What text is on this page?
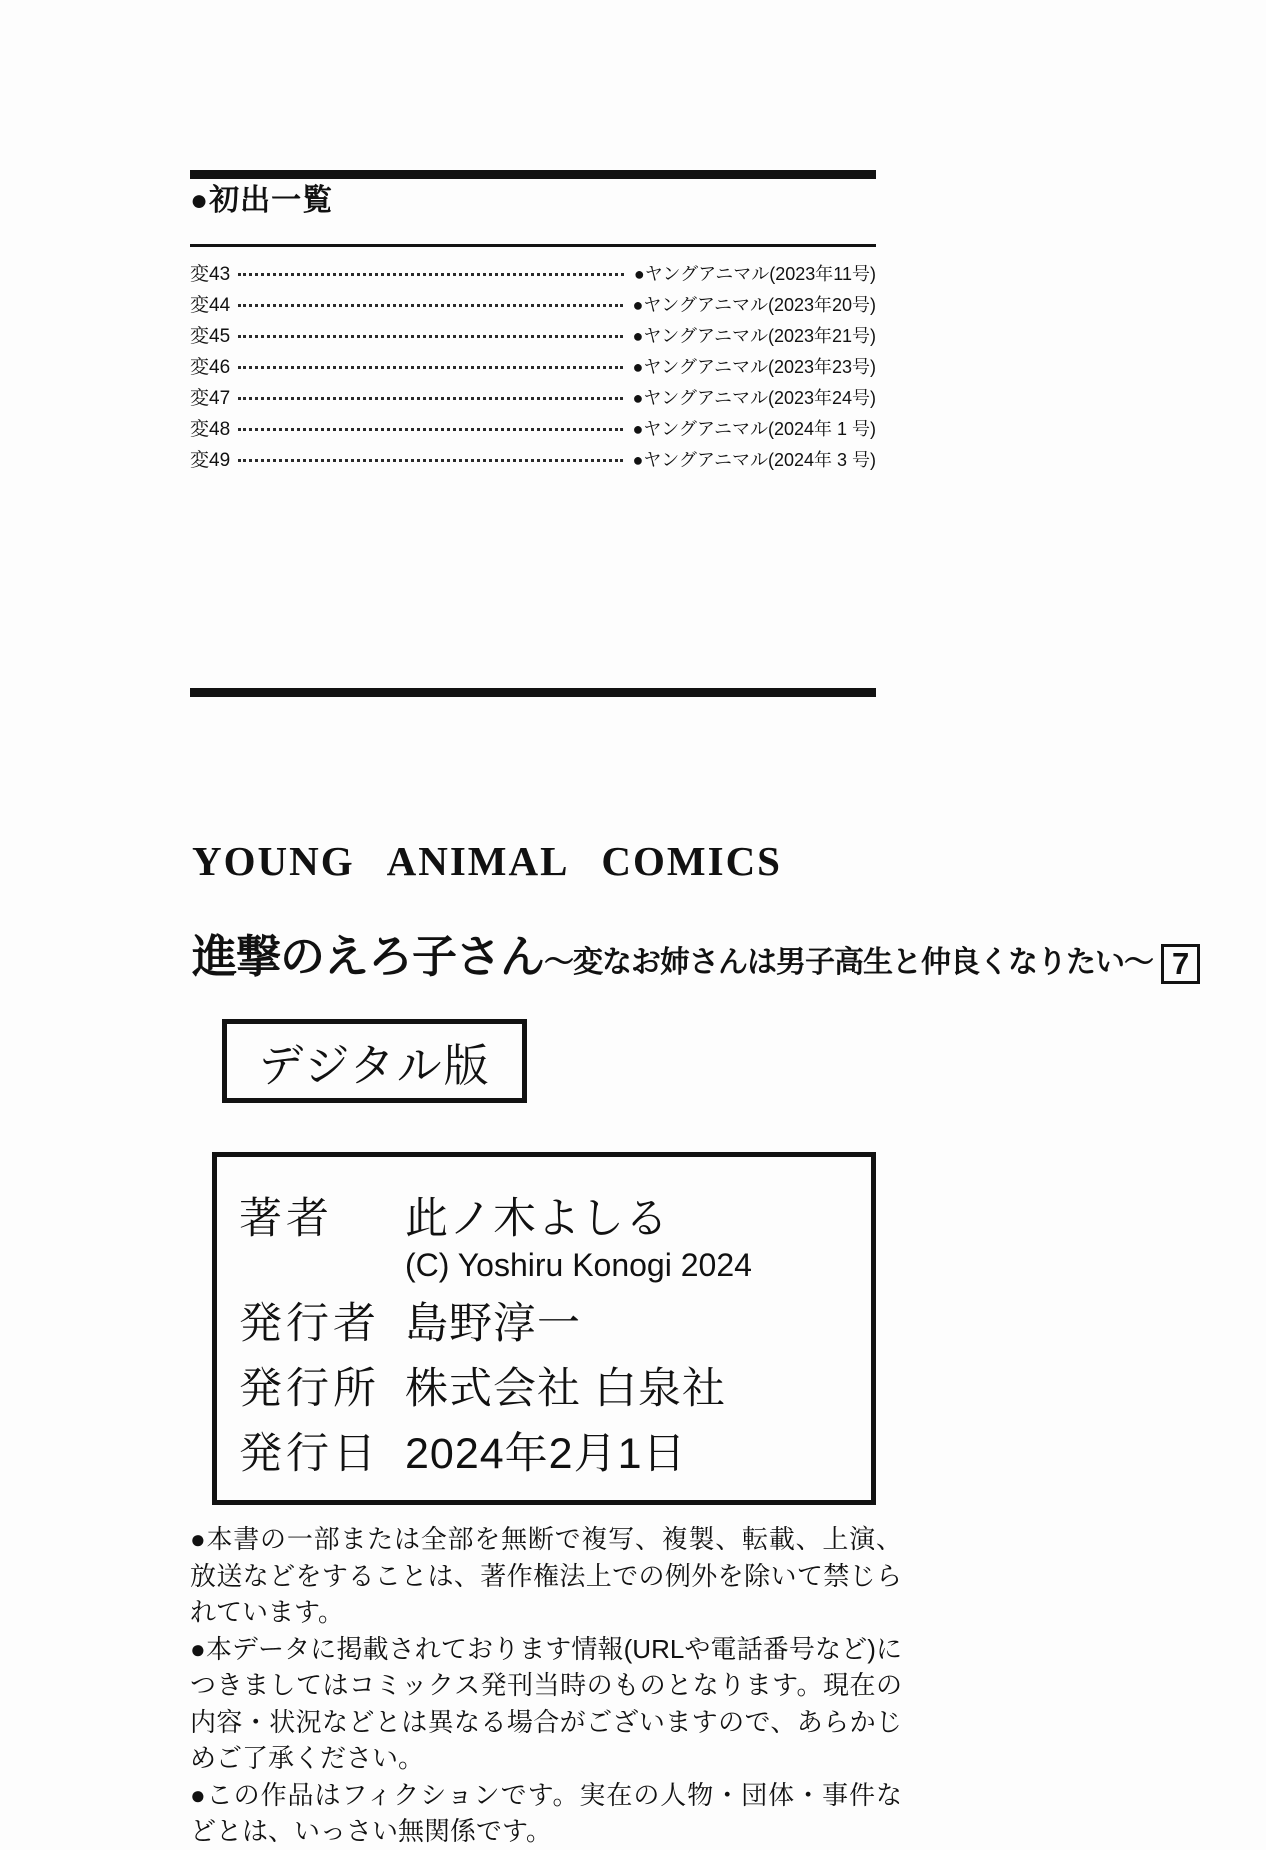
●初出一覧
変43	●ヤングアニマル(2023年11号)
変44	●ヤングアニマル(2023年20号)
変45	●ヤングアニマル(2023年21号)
変46	●ヤングアニマル(2023年23号)
変47	●ヤングアニマル(2023年24号)
変48	●ヤングアニマル(2024年 1 号)
変49	●ヤングアニマル(2024年 3 号)
YOUNG ANIMAL COMICS
進撃のえろ子さん 〜変なお姉さんは男子高生と仲良くなりたい〜 7
デジタル版
著者	此ノ木よしる
(C) Yoshiru Konogi 2024
発行者 島野淳一
発行所 株式会社 白泉社
発行日 2024年2月1日

●本書の一部または全部を無断で複写、複製、転載、上演、放送などをすることは、著作権法上での例外を除いて禁じられています。

●本データに掲載されております情報(URLや電話番号など)につきましてはコミックス発刊当時のものとなります。現在の内容・状況などとは異なる場合がございますので、あらかじめご了承ください。

●この作品はフィクションです。実在の人物・団体・事件などとは、いっさい無関係です。
